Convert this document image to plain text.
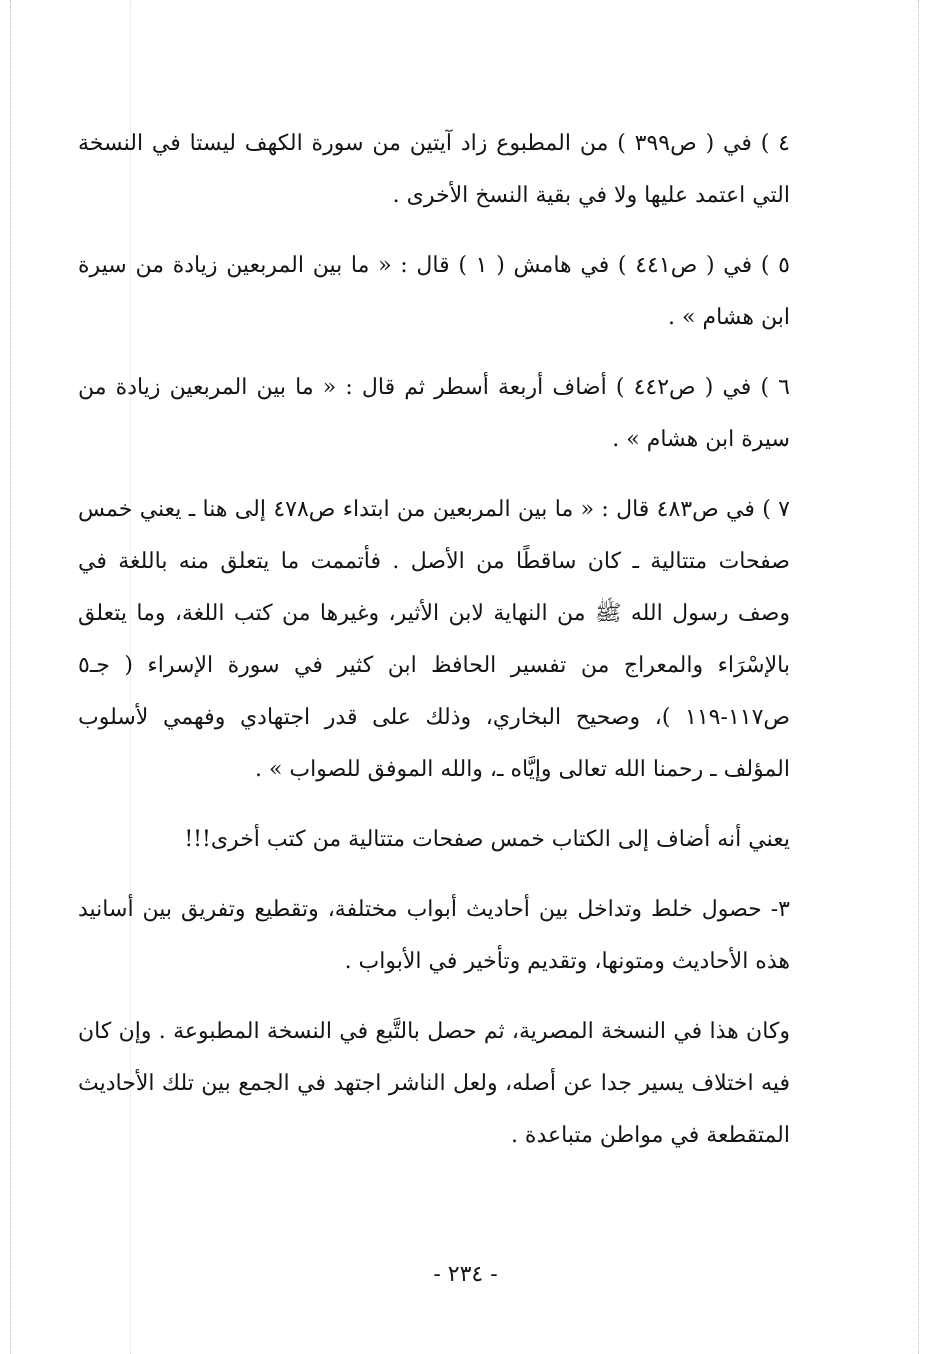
٤ ) في ( ص٣٩٩ ) من المطبوع زاد آيتين من سورة الكهف ليستا في النسخة التي اعتمد عليها ولا في بقية النسخ الأخرى .

٥ ) في ( ص٤٤١ ) في هامش ( ١ ) قال : « ما بين المربعين زيادة من سيرة ابن هشام » .

٦ ) في ( ص٤٤٢ ) أضاف أربعة أسطر ثم قال : « ما بين المربعين زيادة من سيرة ابن هشام » .

٧ ) في ص٤٨٣ قال : « ما بين المربعين من ابتداء ص٤٧٨ إلى هنا ـ يعني خمس صفحات متتالية ـ كان ساقطًا من الأصل . فأتممت ما يتعلق منه باللغة في وصف رسول الله ﷺ من النهاية لابن الأثير، وغيرها من كتب اللغة، وما يتعلق بالإسْرَاء والمعراج من تفسير الحافظ ابن كثير في سورة الإسراء ( جـ٥ ص١١٧-١١٩ )، وصحيح البخاري، وذلك على قدر اجتهادي وفهمي لأسلوب المؤلف ـ رحمنا الله تعالى وإيَّاه ـ، والله الموفق للصواب » .

يعني أنه أضاف إلى الكتاب خمس صفحات متتالية من كتب أخرى!!!

٣- حصول خلط وتداخل بين أحاديث أبواب مختلفة، وتقطيع وتفريق بين أسانيد هذه الأحاديث ومتونها، وتقديم وتأخير في الأبواب .

وكان هذا في النسخة المصرية، ثم حصل بالتَّبع في النسخة المطبوعة . وإن كان فيه اختلاف يسير جدا عن أصله، ولعل الناشر اجتهد في الجمع بين تلك الأحاديث المتقطعة في مواطن متباعدة .

- ٢٣٤ -
